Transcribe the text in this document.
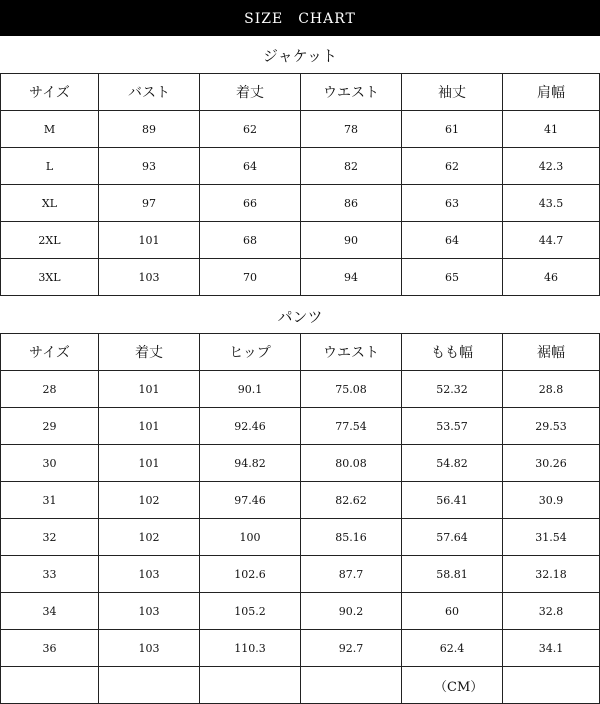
SIZE　CHART
ジャケット
サイズ	バスト	着丈	ウエスト	袖丈	肩幅
M	89	62	78	61	41
L	93	64	82	62	42.3
XL	97	66	86	63	43.5
2XL	101	68	90	64	44.7
3XL	103	70	94	65	46
パンツ
サイズ	着丈	ヒップ	ウエスト	もも幅	裾幅
28	101	90.1	75.08	52.32	28.8
29	101	92.46	77.54	53.57	29.53
30	101	94.82	80.08	54.82	30.26
31	102	97.46	82.62	56.41	30.9
32	102	100	85.16	57.64	31.54
33	103	102.6	87.7	58.81	32.18
34	103	105.2	90.2	60	32.8
36	103	110.3	92.7	62.4	34.1

（CM）
